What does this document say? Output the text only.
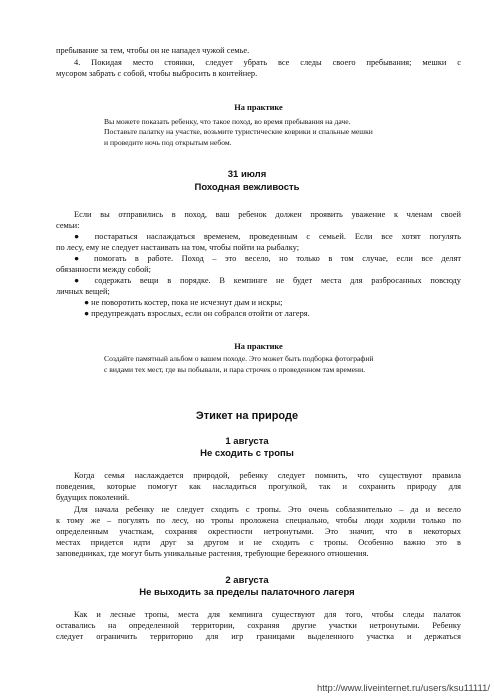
пребывание за тем, чтобы он не нападел чужой семье.
4. Покидая место стоянки, следует убрать все следы своего пребывания; мешки с
мусором забрать с собой, чтобы выбросить в контейнер.
На практике
Вы можете показать ребенку, что такое поход, во время пребывания на даче.
Поставьте палатку на участке, возьмите туристические коврики и спальные мешки
и проведите ночь под открытым небом.
31 июля
Походная вежливость
Если вы отправились в поход, ваш ребенок должен проявить уважение к членам своей
семьи:
● постараться наслаждаться временем, проведенным с семьей. Если все хотят погулять
по лесу, ему не следует настаивать на том, чтобы пойти на рыбалку;
● помогать в работе. Поход – это весело, но только в том случае, если все делят
обязанности между собой;
● содержать вещи в порядке. В кемпинге не будет места для разбросанных повсюду
личных вещей;
● не поворотить костер, пока не исчезнут дым и искры;
● предупреждать взрослых, если он собрался отойти от лагеря.
На практике
Создайте памятный альбом о вашем походе. Это может быть подборка фотографий
с видами тех мест, где вы побывали, и пара строчек о проведенном там времени.
Этикет на природе
1 августа
Не сходить с тропы
Когда семья наслаждается природой, ребенку следует помнить, что существуют правила
поведения, которые помогут как насладиться прогулкой, так и сохранить природу для
будущих поколений.
Для начала ребенку не следует сходить с тропы. Это очень соблазнительно – да и весело
к тому же – погулять по лесу, но тропы проложена специально, чтобы люди ходили только по
определенным участкам, сохраняя окрестности нетронутыми. Это значит, что в некоторых
местах придется идти друг за другом и не сходить с тропы. Особенно важно это в
заповедниках, где могут быть уникальные растения, требующие бережного отношения.
2 августа
Не выходить за пределы палаточного лагеря
Как и лесные тропы, места для кемпинга существуют для того, чтобы следы палаток
оставались на определенной территории, сохраняя другие участки нетронутыми. Ребенку
следует ограничить территорию для игр границами выделенного участка и держаться
http://www.liveinternet.ru/users/ksu11111/
